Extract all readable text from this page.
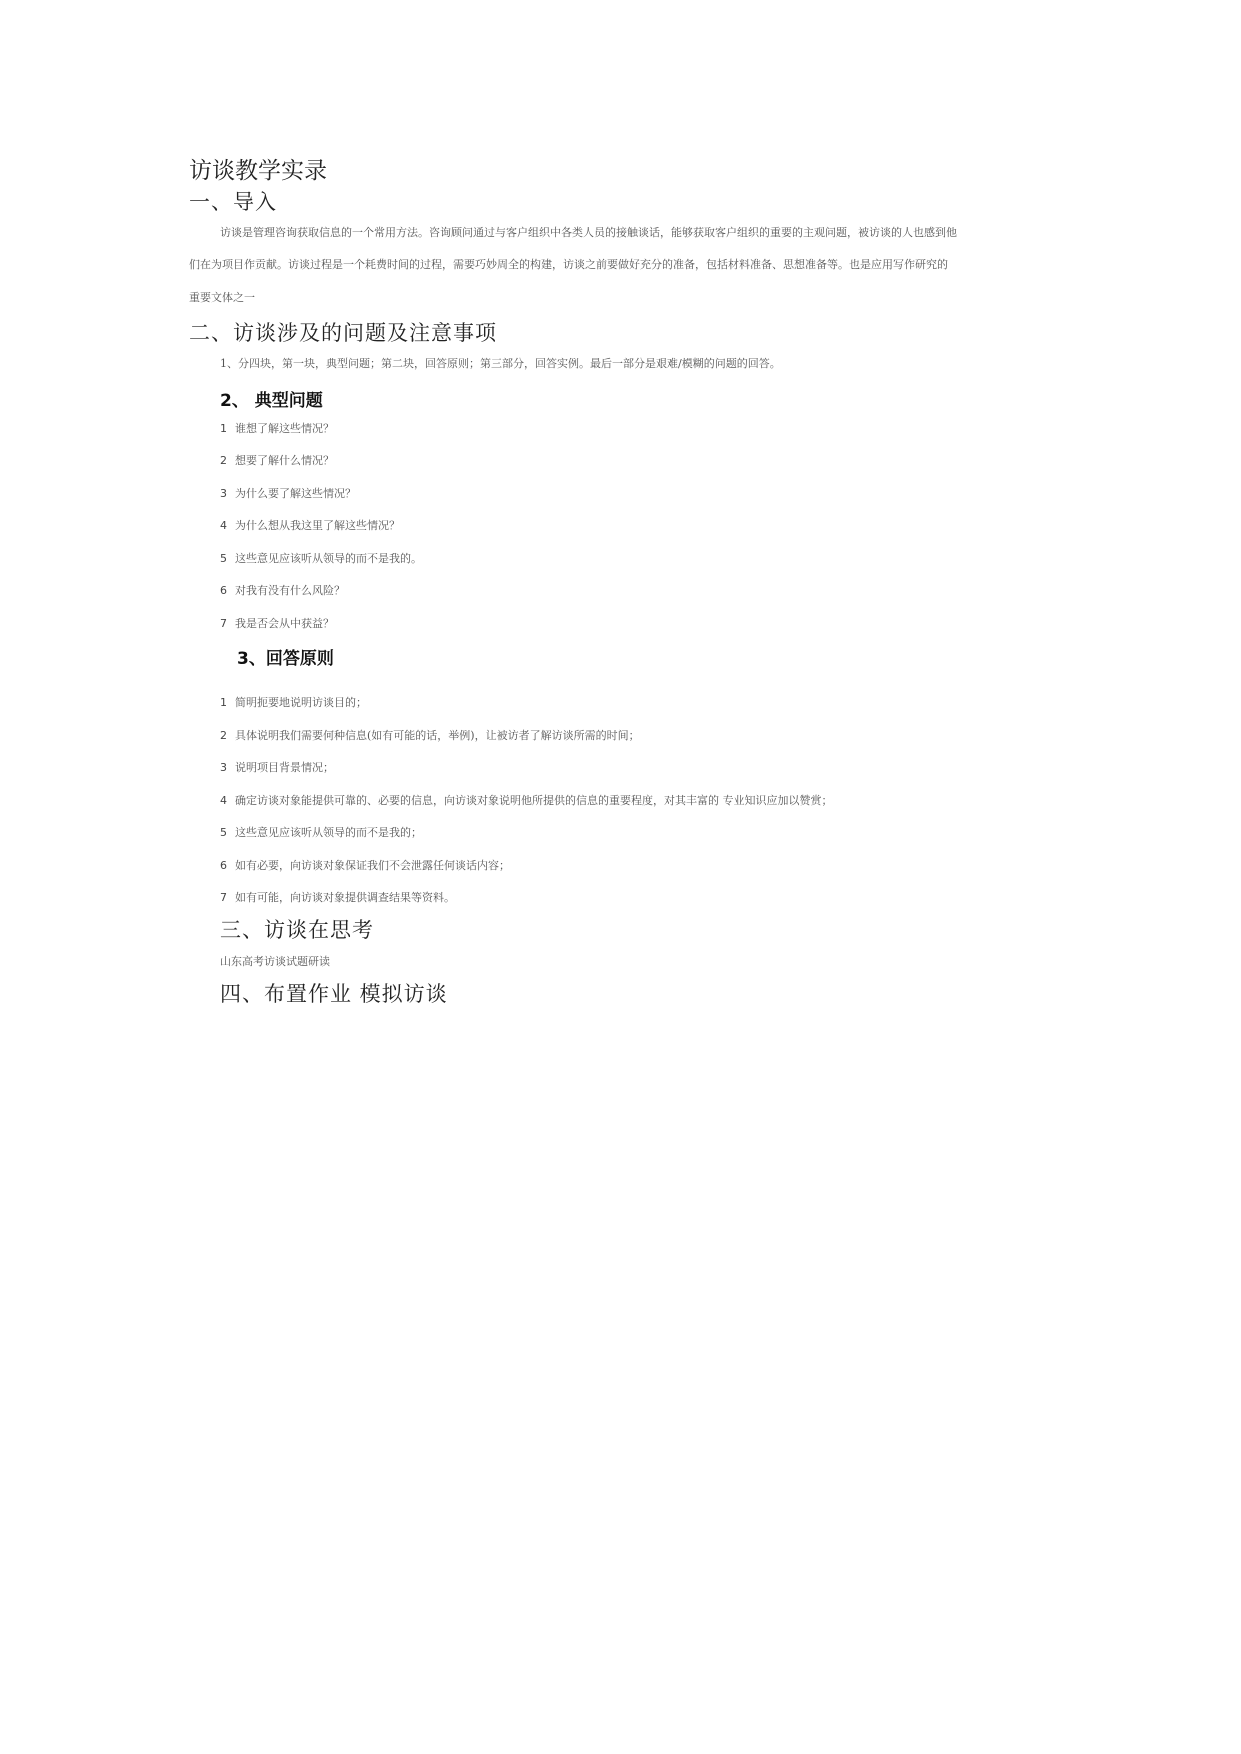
访谈教学实录
一、导入
访谈是管理咨询获取信息的一个常用方法。咨询顾问通过与客户组织中各类人员的接触谈话，能够获取客户组织的重要的主观问题，被访谈的人也感到他
们在为项目作贡献。访谈过程是一个耗费时间的过程，需要巧妙周全的构建，访谈之前要做好充分的准备，包括材料准备、思想准备等。也是应用写作研究的
重要文体之一
二、访谈涉及的问题及注意事项
1、分四块，第一块，典型问题；第二块，回答原则；第三部分，回答实例。最后一部分是艰难/模糊的问题的回答。
2、 典型问题
1 谁想了解这些情况？
2 想要了解什么情况？
3 为什么要了解这些情况？
4 为什么想从我这里了解这些情况？
5 这些意见应该听从领导的而不是我的。
6 对我有没有什么风险？
7 我是否会从中获益？
3、回答原则
1 简明扼要地说明访谈目的；
2 具体说明我们需要何种信息(如有可能的话，举例)，让被访者了解访谈所需的时间；
3 说明项目背景情况；
4 确定访谈对象能提供可靠的、必要的信息，向访谈对象说明他所提供的信息的重要程度，对其丰富的 专业知识应加以赞赏；
5 这些意见应该听从领导的而不是我的；
6 如有必要，向访谈对象保证我们不会泄露任何谈话内容；
7 如有可能，向访谈对象提供调查结果等资料。
三、访谈在思考
山东高考访谈试题研读
四、布置作业 模拟访谈
